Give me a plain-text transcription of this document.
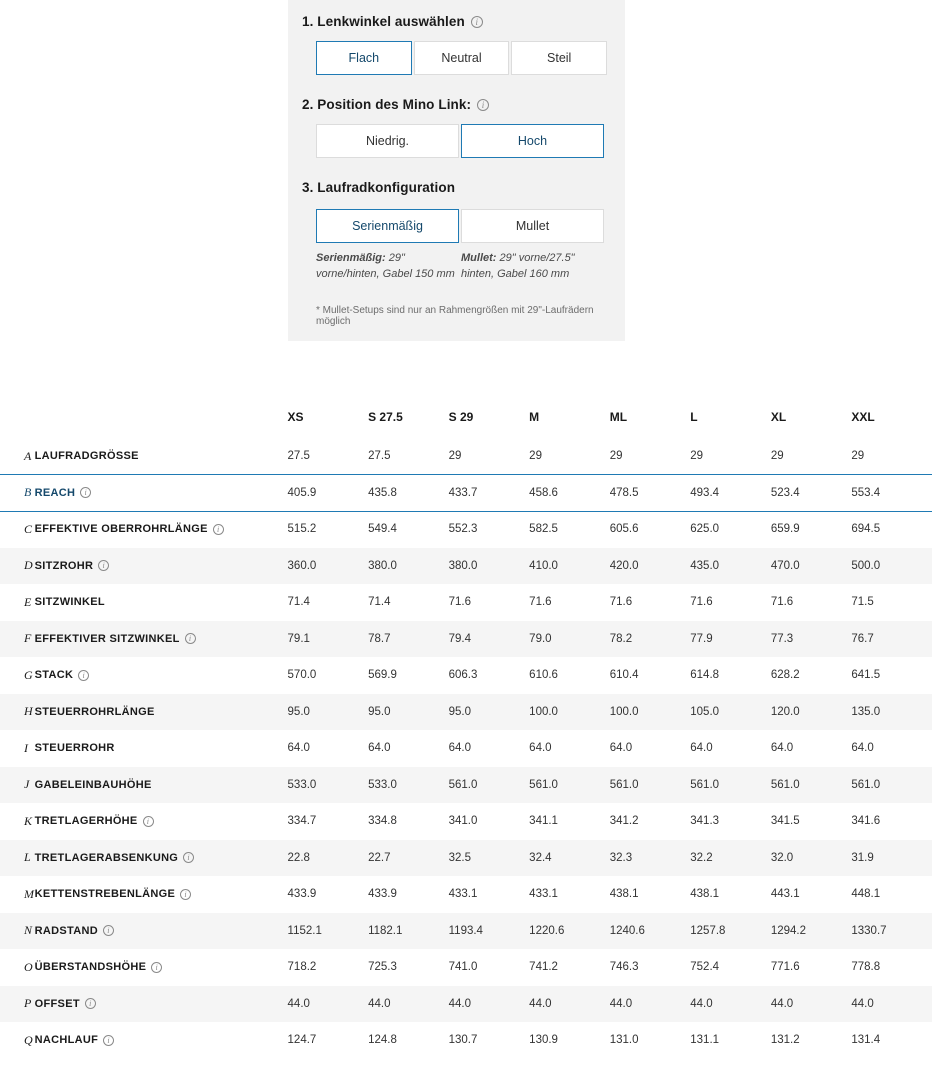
1. Lenkwinkel auswählen	i
Flach	Neutral	Steil
2. Position des Mino Link:	i
Niedrig.	Hoch
3. Laufradkonfiguration
Serienmäßig	Mullet
Serienmäßig: 29" vorne/hinten, Gabel 150 mm
Mullet: 29" vorne/27.5" hinten, Gabel 160 mm
* Mullet-Setups sind nur an Rahmengrößen mit 29"-Laufrädern möglich
		XS	S 27.5	S 29	M	ML	L	XL	XXL
A	LAUFRADGRÖSSE	27.5	27.5	29	29	29	29	29	29
B	REACH i	405.9	435.8	433.7	458.6	478.5	493.4	523.4	553.4
C	EFFEKTIVE OBERROHRLÄNGE i	515.2	549.4	552.3	582.5	605.6	625.0	659.9	694.5
D	SITZROHR i	360.0	380.0	380.0	410.0	420.0	435.0	470.0	500.0
E	SITZWINKEL	71.4	71.4	71.6	71.6	71.6	71.6	71.6	71.5
F	EFFEKTIVER SITZWINKEL i	79.1	78.7	79.4	79.0	78.2	77.9	77.3	76.7
G	STACK i	570.0	569.9	606.3	610.6	610.4	614.8	628.2	641.5
H	STEUERROHRLÄNGE	95.0	95.0	95.0	100.0	100.0	105.0	120.0	135.0
I	STEUERROHR	64.0	64.0	64.0	64.0	64.0	64.0	64.0	64.0
J	GABELEINBAUHÖHE	533.0	533.0	561.0	561.0	561.0	561.0	561.0	561.0
K	TRETLAGERHÖHE i	334.7	334.8	341.0	341.1	341.2	341.3	341.5	341.6
L	TRETLAGERABSENKUNG i	22.8	22.7	32.5	32.4	32.3	32.2	32.0	31.9
M	KETTENSTREBENLÄNGE i	433.9	433.9	433.1	433.1	438.1	438.1	443.1	448.1
N	RADSTAND i	1152.1	1182.1	1193.4	1220.6	1240.6	1257.8	1294.2	1330.7
O	ÜBERSTANDSHÖHE i	718.2	725.3	741.0	741.2	746.3	752.4	771.6	778.8
P	OFFSET i	44.0	44.0	44.0	44.0	44.0	44.0	44.0	44.0
Q	NACHLAUF i	124.7	124.8	130.7	130.9	131.0	131.1	131.2	131.4
